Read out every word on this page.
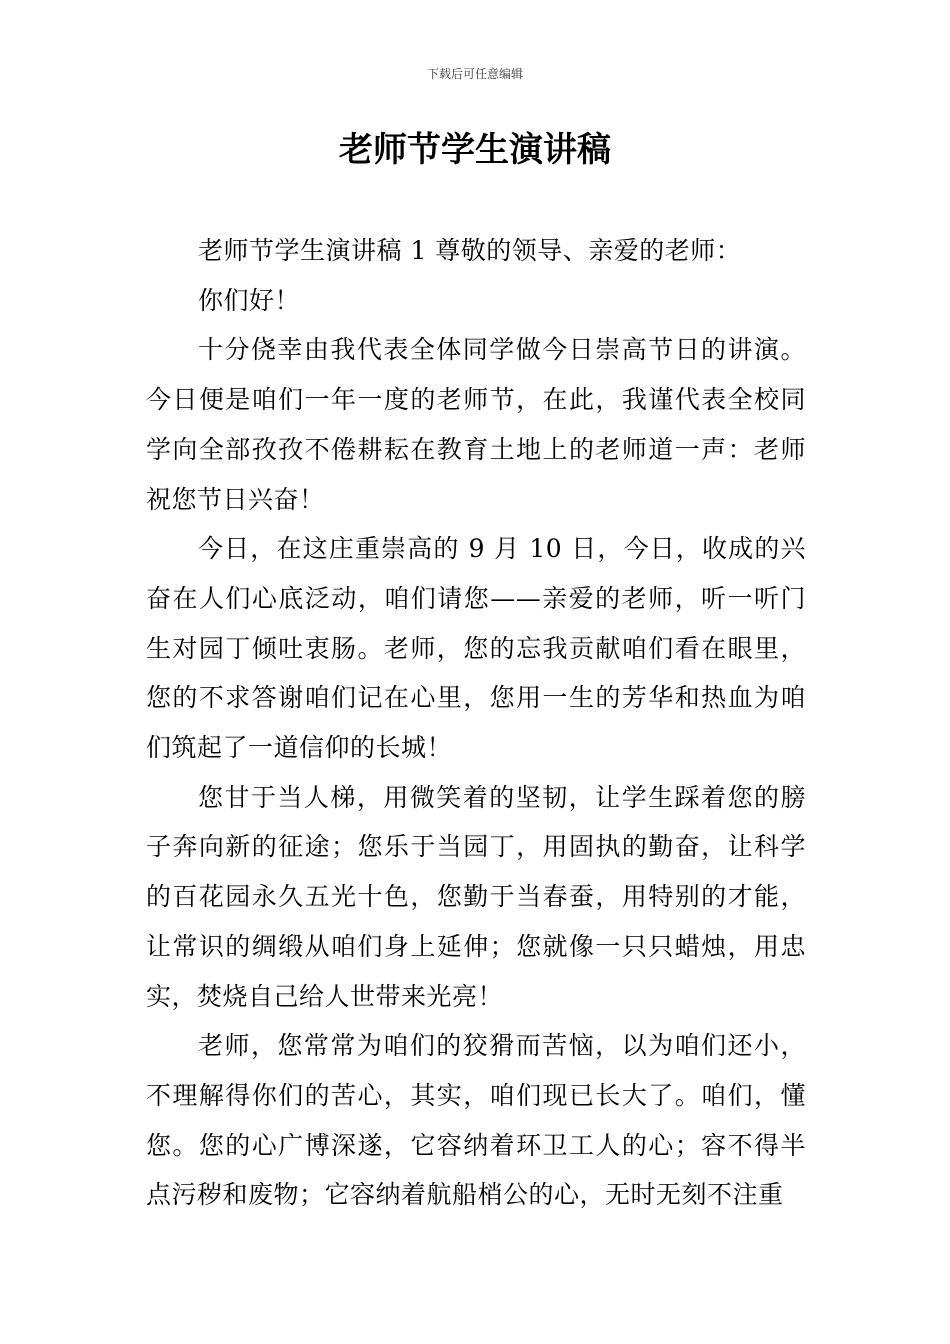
下载后可任意编辑
老师节学生演讲稿

老师节学生演讲稿 1 尊敬的领导、亲爱的老师：

你们好！

十分侥幸由我代表全体同学做今日崇高节日的讲演。今日便是咱们一年一度的老师节，在此，我谨代表全校同学向全部孜孜不倦耕耘在教育土地上的老师道一声：老师祝您节日兴奋！

今日，在这庄重崇高的 9 月 10 日，今日，收成的兴奋在人们心底泛动，咱们请您——亲爱的老师，听一听门生对园丁倾吐衷肠。老师，您的忘我贡献咱们看在眼里，您的不求答谢咱们记在心里，您用一生的芳华和热血为咱们筑起了一道信仰的长城！

您甘于当人梯，用微笑着的坚韧，让学生踩着您的膀子奔向新的征途；您乐于当园丁，用固执的勤奋，让科学的百花园永久五光十色，您勤于当春蚕，用特别的才能，让常识的绸缎从咱们身上延伸；您就像一只只蜡烛，用忠实，焚烧自己给人世带来光亮！

老师，您常常为咱们的狡猾而苦恼，以为咱们还小，不理解得你们的苦心，其实，咱们现已长大了。咱们，懂您。您的心广博深遂，它容纳着环卫工人的心；容不得半点污秽和废物；它容纳着航船梢公的心，无时无刻不注重
